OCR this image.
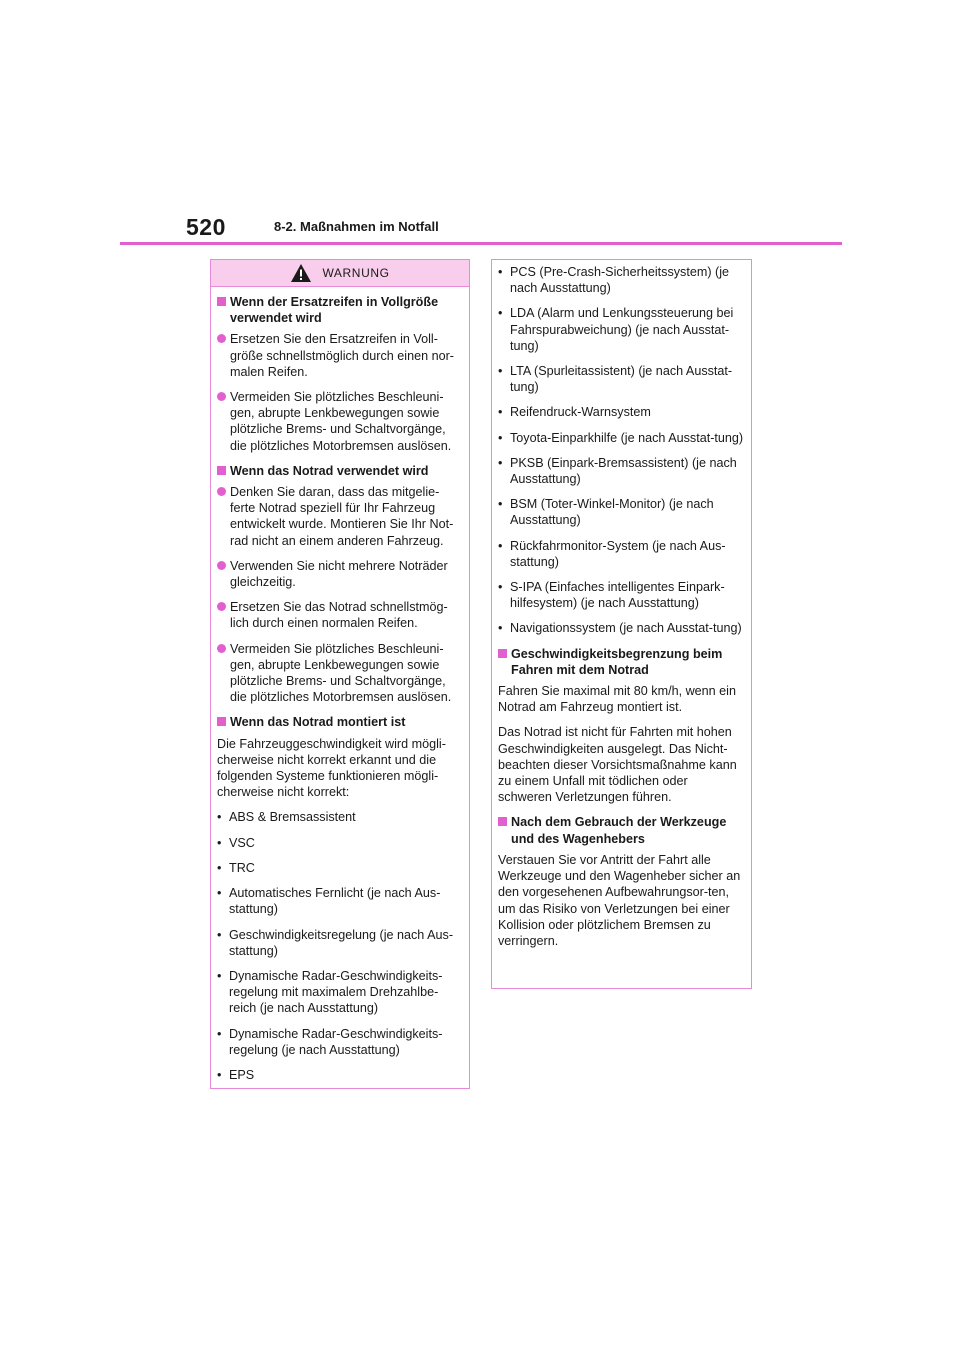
520	8-2. Maßnahmen im Notfall
WARNUNG
Wenn der Ersatzreifen in Vollgröße verwendet wird
Ersetzen Sie den Ersatzreifen in Voll-größe schnellstmöglich durch einen nor-malen Reifen.
Vermeiden Sie plötzliches Beschleuni-gen, abrupte Lenkbewegungen sowie plötzliche Brems- und Schaltvorgänge, die plötzliches Motorbremsen auslösen.
Wenn das Notrad verwendet wird
Denken Sie daran, dass das mitgelie-ferte Notrad speziell für Ihr Fahrzeug entwickelt wurde. Montieren Sie Ihr Not-rad nicht an einem anderen Fahrzeug.
Verwenden Sie nicht mehrere Noträder gleichzeitig.
Ersetzen Sie das Notrad schnellstmög-lich durch einen normalen Reifen.
Vermeiden Sie plötzliches Beschleuni-gen, abrupte Lenkbewegungen sowie plötzliche Brems- und Schaltvorgänge, die plötzliches Motorbremsen auslösen.
Wenn das Notrad montiert ist
Die Fahrzeuggeschwindigkeit wird mögli-cherweise nicht korrekt erkannt und die folgenden Systeme funktionieren mögli-cherweise nicht korrekt:
• ABS & Bremsassistent
• VSC
• TRC
• Automatisches Fernlicht (je nach Aus-stattung)
• Geschwindigkeitsregelung (je nach Aus-stattung)
• Dynamische Radar-Geschwindigkeits-regelung mit maximalem Drehzahlbe-reich (je nach Ausstattung)
• Dynamische Radar-Geschwindigkeits-regelung (je nach Ausstattung)
• EPS
• PCS (Pre-Crash-Sicherheitssystem) (je nach Ausstattung)
• LDA (Alarm und Lenkungssteuerung bei Fahrspurabweichung) (je nach Ausstat-tung)
• LTA (Spurleitassistent) (je nach Ausstat-tung)
• Reifendruck-Warnsystem
• Toyota-Einparkhilfe (je nach Ausstat-tung)
• PKSB (Einpark-Bremsassistent) (je nach Ausstattung)
• BSM (Toter-Winkel-Monitor) (je nach Ausstattung)
• Rückfahrmonitor-System (je nach Aus-stattung)
• S-IPA (Einfaches intelligentes Einpark-hilfesystem) (je nach Ausstattung)
• Navigationssystem (je nach Ausstat-tung)
Geschwindigkeitsbegrenzung beim Fahren mit dem Notrad
Fahren Sie maximal mit 80 km/h, wenn ein Notrad am Fahrzeug montiert ist.
Das Notrad ist nicht für Fahrten mit hohen Geschwindigkeiten ausgelegt. Das Nicht-beachten dieser Vorsichtsmaßnahme kann zu einem Unfall mit tödlichen oder schweren Verletzungen führen.
Nach dem Gebrauch der Werkzeuge und des Wagenhebers
Verstauen Sie vor Antritt der Fahrt alle Werkzeuge und den Wagenheber sicher an den vorgesehenen Aufbewahrungsor-ten, um das Risiko von Verletzungen bei einer Kollision oder plötzlichem Bremsen zu verringern.
